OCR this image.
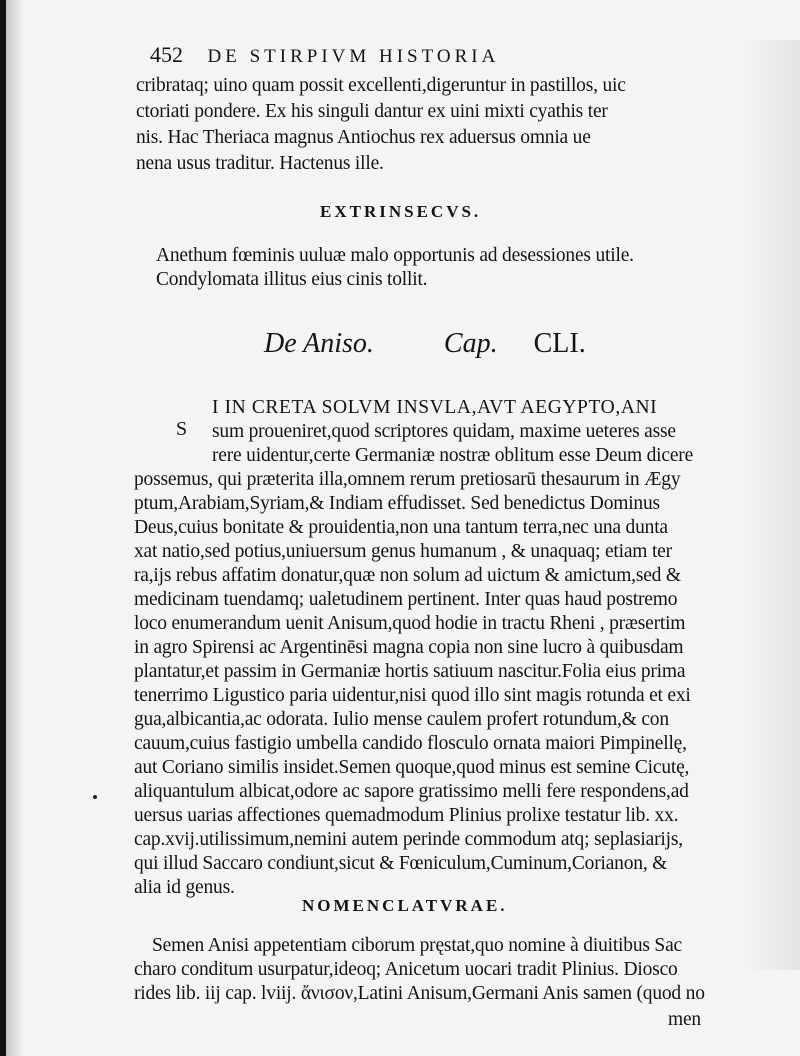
452 DE STIRPIVM HISTORIA
cribrataq; uino quam possit excellenti,digeruntur in pastillos, uic
ctoriati pondere. Ex his singuli dantur ex uini mixti cyathis ter
nis. Hac Theriaca magnus Antiochus rex aduersus omnia ue
nena usus traditur. Hactenus ille.
EXTRINSECVS.
Anethum fœminis uuluæ malo opportunis ad desessiones utile.
Condylomata illitus eius cinis tollit.
De Aniso.	Cap. CLI.
S
I IN CRETA SOLVM INSVLA,AVT AEGYPTO,ANI
sum proueniret,quod scriptores quidam, maxime ueteres asse
rere uidentur,certe Germaniæ nostræ oblitum esse Deum dicere
possemus, qui præterita illa,omnem rerum pretiosarū thesaurum in Ægy
ptum,Arabiam,Syriam,& Indiam effudisset. Sed benedictus Dominus
Deus,cuius bonitate & prouidentia,non una tantum terra,nec una dunta
xat natio,sed potius,uniuersum genus humanum , & unaquaq; etiam ter
ra,ijs rebus affatim donatur,quæ non solum ad uictum & amictum,sed &
medicinam tuendamq; ualetudinem pertinent. Inter quas haud postremo
loco enumerandum uenit Anisum,quod hodie in tractu Rheni , præsertim
in agro Spirensi ac Argentinēsi magna copia non sine lucro à quibusdam
plantatur,et passim in Germaniæ hortis satiuum nascitur.Folia eius prima
tenerrimo Ligustico paria uidentur,nisi quod illo sint magis rotunda et exi
gua,albicantia,ac odorata. Iulio mense caulem profert rotundum,& con
cauum,cuius fastigio umbella candido flosculo ornata maiori Pimpinellę,
aut Coriano similis insidet.Semen quoque,quod minus est semine Cicutę,
aliquantulum albicat,odore ac sapore gratissimo melli fere respondens,ad
uersus uarias affectiones quemadmodum Plinius prolixe testatur lib. xx.
cap.xvij.utilissimum,nemini autem perinde commodum atq; seplasiarijs,
qui illud Saccaro condiunt,sicut & Fœniculum,Cuminum,Corianon, &
alia id genus.
NOMENCLATVRAE.
Semen Anisi appetentiam ciborum pręstat,quo nomine à diuitibus Sac
charo conditum usurpatur,ideoq; Anicetum uocari tradit Plinius. Diosco
rides lib. iij cap. lviij. ἄνισον,Latini Anisum,Germani Anis samen (quod no
men
